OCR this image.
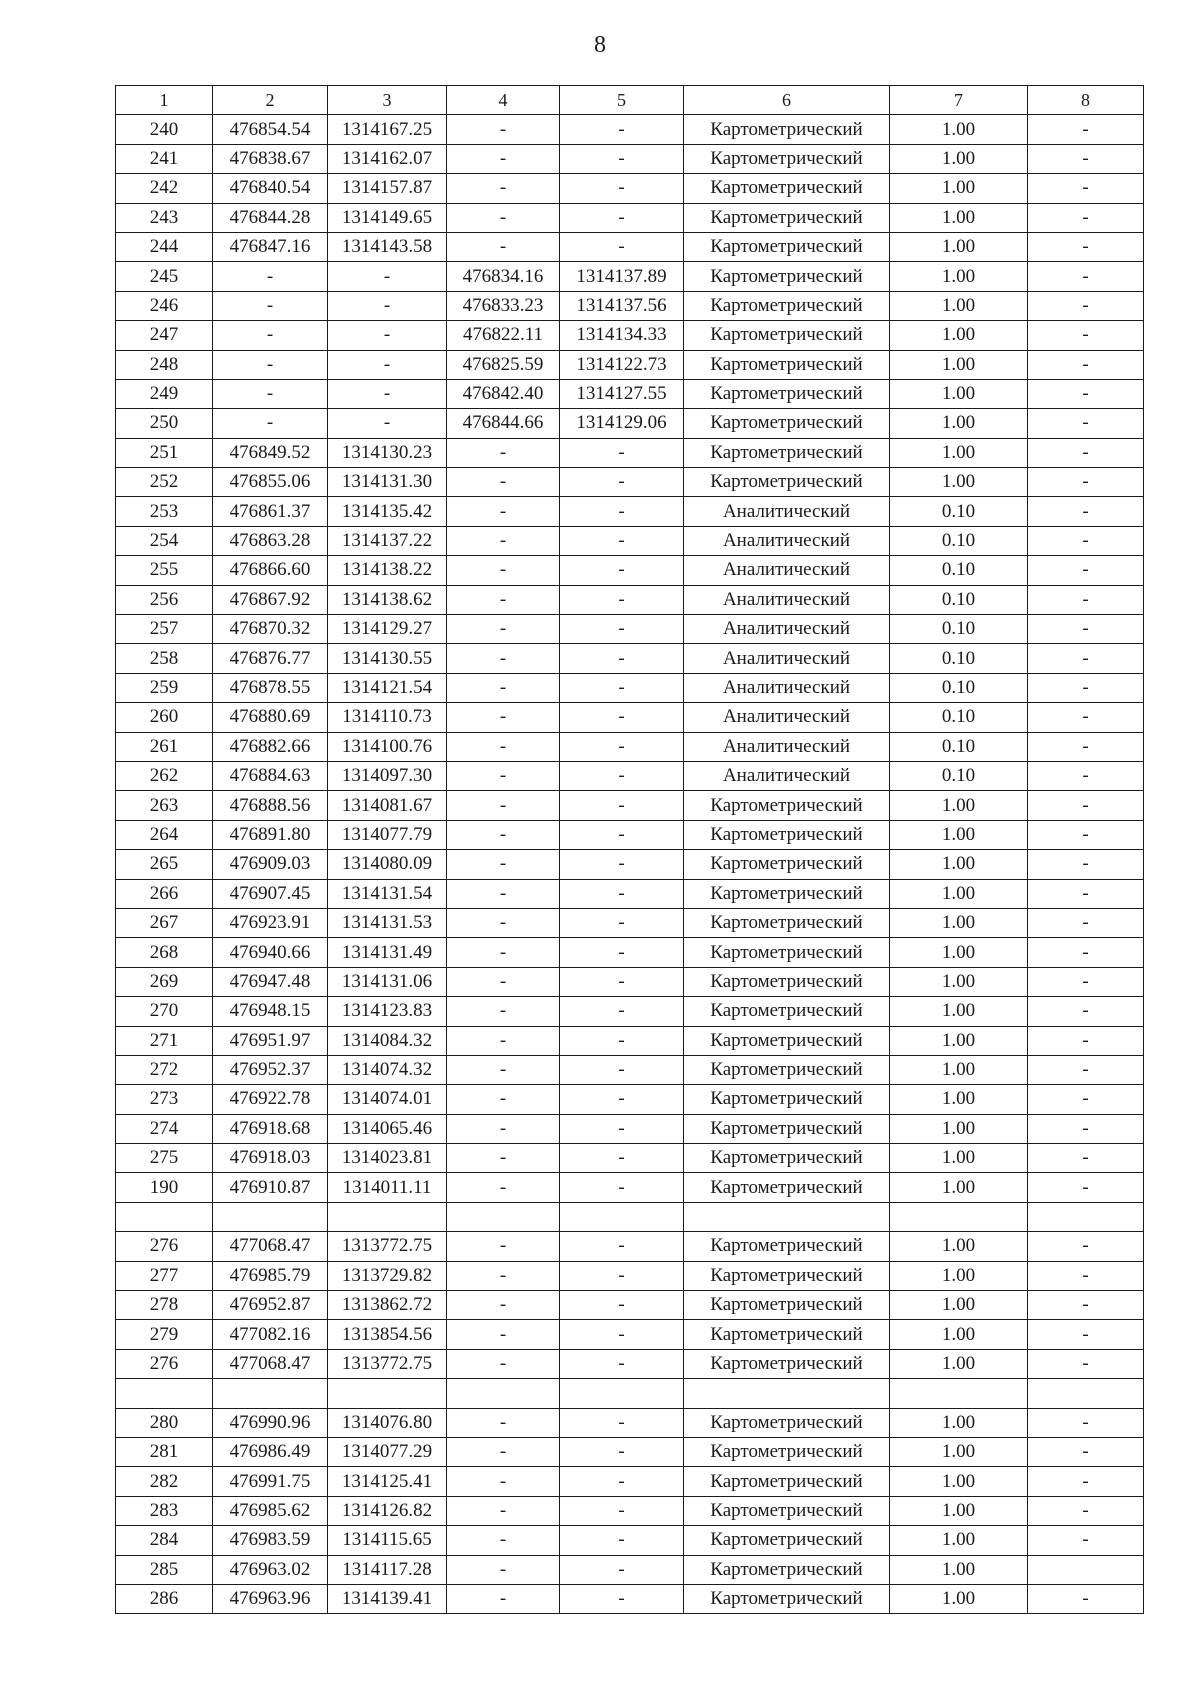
8
1	2	3	4	5	6	7	8
240	476854.54	1314167.25	-	-	Картометрический	1.00	-
241	476838.67	1314162.07	-	-	Картометрический	1.00	-
242	476840.54	1314157.87	-	-	Картометрический	1.00	-
243	476844.28	1314149.65	-	-	Картометрический	1.00	-
244	476847.16	1314143.58	-	-	Картометрический	1.00	-
245	-	-	476834.16	1314137.89	Картометрический	1.00	-
246	-	-	476833.23	1314137.56	Картометрический	1.00	-
247	-	-	476822.11	1314134.33	Картометрический	1.00	-
248	-	-	476825.59	1314122.73	Картометрический	1.00	-
249	-	-	476842.40	1314127.55	Картометрический	1.00	-
250	-	-	476844.66	1314129.06	Картометрический	1.00	-
251	476849.52	1314130.23	-	-	Картометрический	1.00	-
252	476855.06	1314131.30	-	-	Картометрический	1.00	-
253	476861.37	1314135.42	-	-	Аналитический	0.10	-
254	476863.28	1314137.22	-	-	Аналитический	0.10	-
255	476866.60	1314138.22	-	-	Аналитический	0.10	-
256	476867.92	1314138.62	-	-	Аналитический	0.10	-
257	476870.32	1314129.27	-	-	Аналитический	0.10	-
258	476876.77	1314130.55	-	-	Аналитический	0.10	-
259	476878.55	1314121.54	-	-	Аналитический	0.10	-
260	476880.69	1314110.73	-	-	Аналитический	0.10	-
261	476882.66	1314100.76	-	-	Аналитический	0.10	-
262	476884.63	1314097.30	-	-	Аналитический	0.10	-
263	476888.56	1314081.67	-	-	Картометрический	1.00	-
264	476891.80	1314077.79	-	-	Картометрический	1.00	-
265	476909.03	1314080.09	-	-	Картометрический	1.00	-
266	476907.45	1314131.54	-	-	Картометрический	1.00	-
267	476923.91	1314131.53	-	-	Картометрический	1.00	-
268	476940.66	1314131.49	-	-	Картометрический	1.00	-
269	476947.48	1314131.06	-	-	Картометрический	1.00	-
270	476948.15	1314123.83	-	-	Картометрический	1.00	-
271	476951.97	1314084.32	-	-	Картометрический	1.00	-
272	476952.37	1314074.32	-	-	Картометрический	1.00	-
273	476922.78	1314074.01	-	-	Картометрический	1.00	-
274	476918.68	1314065.46	-	-	Картометрический	1.00	-
275	476918.03	1314023.81	-	-	Картометрический	1.00	-
190	476910.87	1314011.11	-	-	Картометрический	1.00	-

276	477068.47	1313772.75	-	-	Картометрический	1.00	-
277	476985.79	1313729.82	-	-	Картометрический	1.00	-
278	476952.87	1313862.72	-	-	Картометрический	1.00	-
279	477082.16	1313854.56	-	-	Картометрический	1.00	-
276	477068.47	1313772.75	-	-	Картометрический	1.00	-

280	476990.96	1314076.80	-	-	Картометрический	1.00	-
281	476986.49	1314077.29	-	-	Картометрический	1.00	-
282	476991.75	1314125.41	-	-	Картометрический	1.00	-
283	476985.62	1314126.82	-	-	Картометрический	1.00	-
284	476983.59	1314115.65	-	-	Картометрический	1.00	-
285	476963.02	1314117.28	-	-	Картометрический	1.00	
286	476963.96	1314139.41	-	-	Картометрический	1.00	-
